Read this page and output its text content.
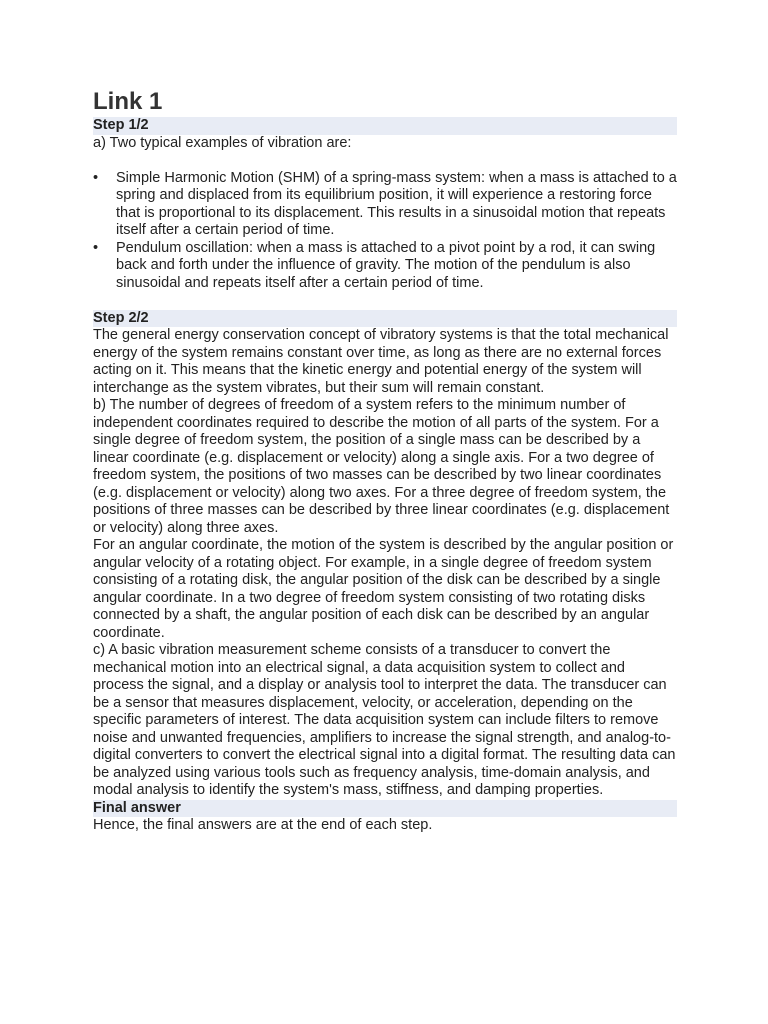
Link 1
Step 1/2

a) Two typical examples of vibration are:

• Simple Harmonic Motion (SHM) of a spring-mass system: when a mass is attached to a spring and displaced from its equilibrium position, it will experience a restoring force that is proportional to its displacement. This results in a sinusoidal motion that repeats itself after a certain period of time.
• Pendulum oscillation: when a mass is attached to a pivot point by a rod, it can swing back and forth under the influence of gravity. The motion of the pendulum is also sinusoidal and repeats itself after a certain period of time.
Step 2/2

The general energy conservation concept of vibratory systems is that the total mechanical energy of the system remains constant over time, as long as there are no external forces acting on it. This means that the kinetic energy and potential energy of the system will interchange as the system vibrates, but their sum will remain constant.

b) The number of degrees of freedom of a system refers to the minimum number of independent coordinates required to describe the motion of all parts of the system. For a single degree of freedom system, the position of a single mass can be described by a linear coordinate (e.g. displacement or velocity) along a single axis. For a two degree of freedom system, the positions of two masses can be described by two linear coordinates (e.g. displacement or velocity) along two axes. For a three degree of freedom system, the positions of three masses can be described by three linear coordinates (e.g. displacement or velocity) along three axes.

For an angular coordinate, the motion of the system is described by the angular position or angular velocity of a rotating object. For example, in a single degree of freedom system consisting of a rotating disk, the angular position of the disk can be described by a single angular coordinate. In a two degree of freedom system consisting of two rotating disks connected by a shaft, the angular position of each disk can be described by an angular coordinate.

c) A basic vibration measurement scheme consists of a transducer to convert the mechanical motion into an electrical signal, a data acquisition system to collect and process the signal, and a display or analysis tool to interpret the data. The transducer can be a sensor that measures displacement, velocity, or acceleration, depending on the specific parameters of interest. The data acquisition system can include filters to remove noise and unwanted frequencies, amplifiers to increase the signal strength, and analog-to-digital converters to convert the electrical signal into a digital format. The resulting data can be analyzed using various tools such as frequency analysis, time-domain analysis, and modal analysis to identify the system's mass, stiffness, and damping properties.

Final answer

Hence, the final answers are at the end of each step.
